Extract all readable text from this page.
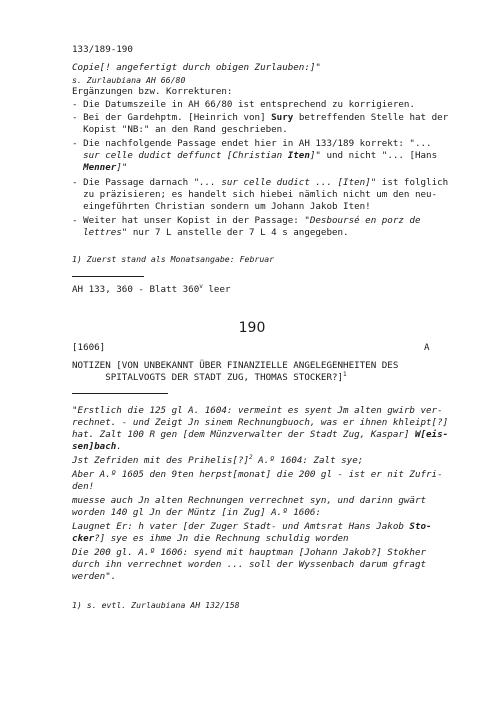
133/189-190
Copie[! angefertigt durch obigen Zurlauben:]"
s. Zurlaubiana AH 66/80
Ergänzungen bzw. Korrekturen:
- Die Datumszeile in AH 66/80 ist entsprechend zu korrigieren.
- Bei der Gardehptm. [Heinrich von] Sury betreffenden Stelle hat der
Kopist "NB:" an den Rand geschrieben.
- Die nachfolgende Passage endet hier in AH 133/189 korrekt: "...
sur celle dudict deffunct [Christian Iten]" und nicht "... [Hans
Menner]"
- Die Passage darnach "... sur celle dudict ... [Iten]" ist folglich
zu präzisieren; es handelt sich hiebei nämlich nicht um den neu-
eingeführten Christian sondern um Johann Jakob Iten!
- Weiter hat unser Kopist in der Passage: "Desboursé en porz de
lettres" nur 7 L anstelle der 7 L 4 s angegeben.
1) Zuerst stand als Monatsangabe: Februar
AH 133, 360 - Blatt 360$^v$ leer
190
[1606]	A
NOTIZEN [VON UNBEKANNT ÜBER FINANZIELLE ANGELEGENHEITEN DES
SPITALVOGTS DER STADT ZUG, THOMAS STOCKER?]$^1$
"Erstlich die 125 gl A. 1604: vermeint es syent Jm alten gwirb ver-
rechnet. - und Zeigt Jn sinem Rechnungbuoch, was er ihnen khleipt[?]
hat. Zalt 100 R gen [dem Münzverwalter der Stadt Zug, Kaspar] W[eis-
sen]bach.
Jst Zefriden mit des Prihelis[?]$^2$ A.º 1604: Zalt sye;
Aber A.º 1605 den 9ten herpst[monat] die 200 gl - ist er nit Zufri-
den!
muesse auch Jn alten Rechnungen verrechnet syn, und darinn gwärt
worden 140 gl Jn der Müntz [in Zug] A.º 1606:
Laugnet Er: h vater [der Zuger Stadt- und Amtsrat Hans Jakob Sto-
cker?] sye es ihme Jn die Rechnung schuldig worden
Die 200 gl. A.º 1606: syend mit hauptman [Johann Jakob?] Stokher
durch ihn verrechnet worden ... soll der Wyssenbach darum gfragt
werden".
1) s. evtl. Zurlaubiana AH 132/158
